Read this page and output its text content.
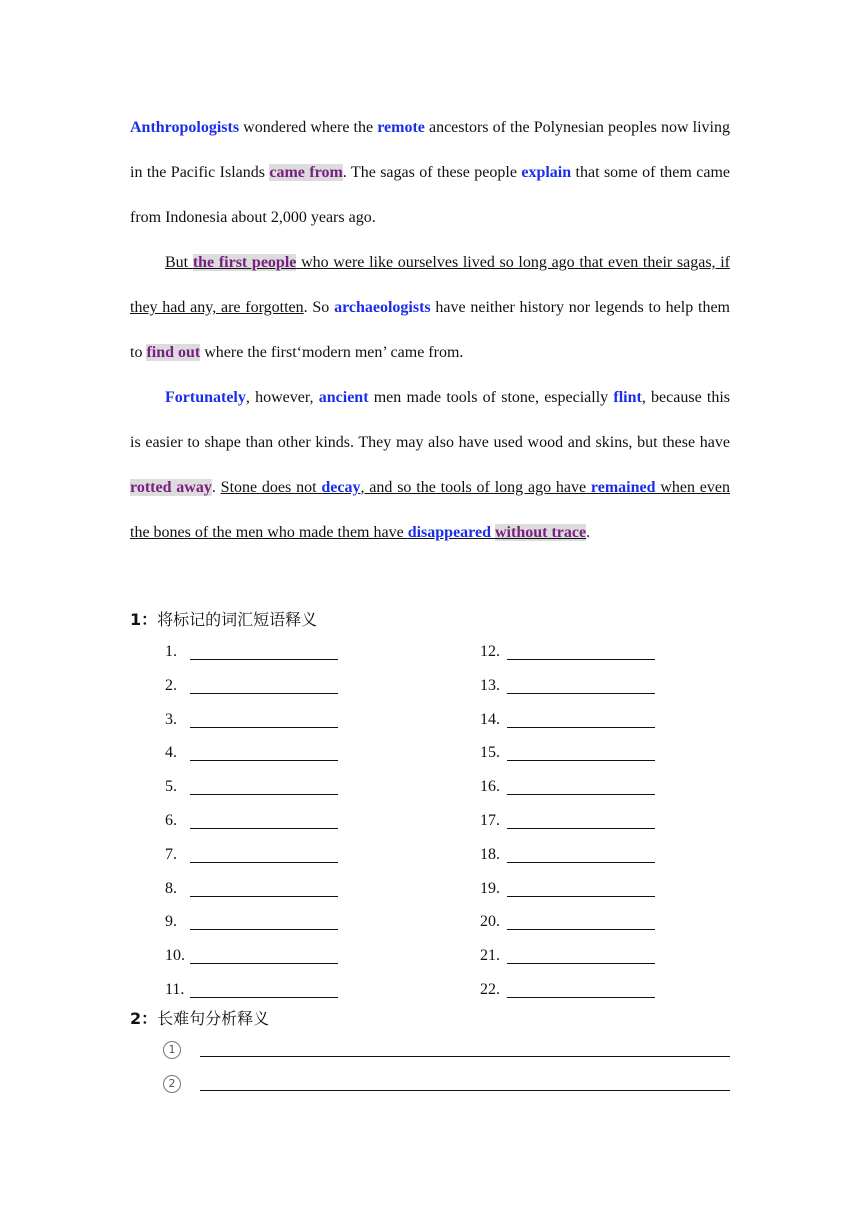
Anthropologists wondered where the remote ancestors of the Polynesian peoples now living in the Pacific Islands came from. The sagas of these people explain that some of them came from Indonesia about 2,000 years ago.

But the first people who were like ourselves lived so long ago that even their sagas, if they had any, are forgotten. So archaeologists have neither history nor legends to help them to find out where the first‘modern men’ came from.

Fortunately, however, ancient men made tools of stone, especially flint, because this is easier to shape than other kinds. They may also have used wood and skins, but these have rotted away. Stone does not decay, and so the tools of long ago have remained when even the bones of the men who made them have disappeared without trace.

1：将标记的词汇短语释义
1.
2.
3.
4.
5.
6.
7.
8.
9.
10.
11.
12.
13.
14.
15.
16.
17.
18.
19.
20.
21.
22.
2：长难句分析释义
1
2
